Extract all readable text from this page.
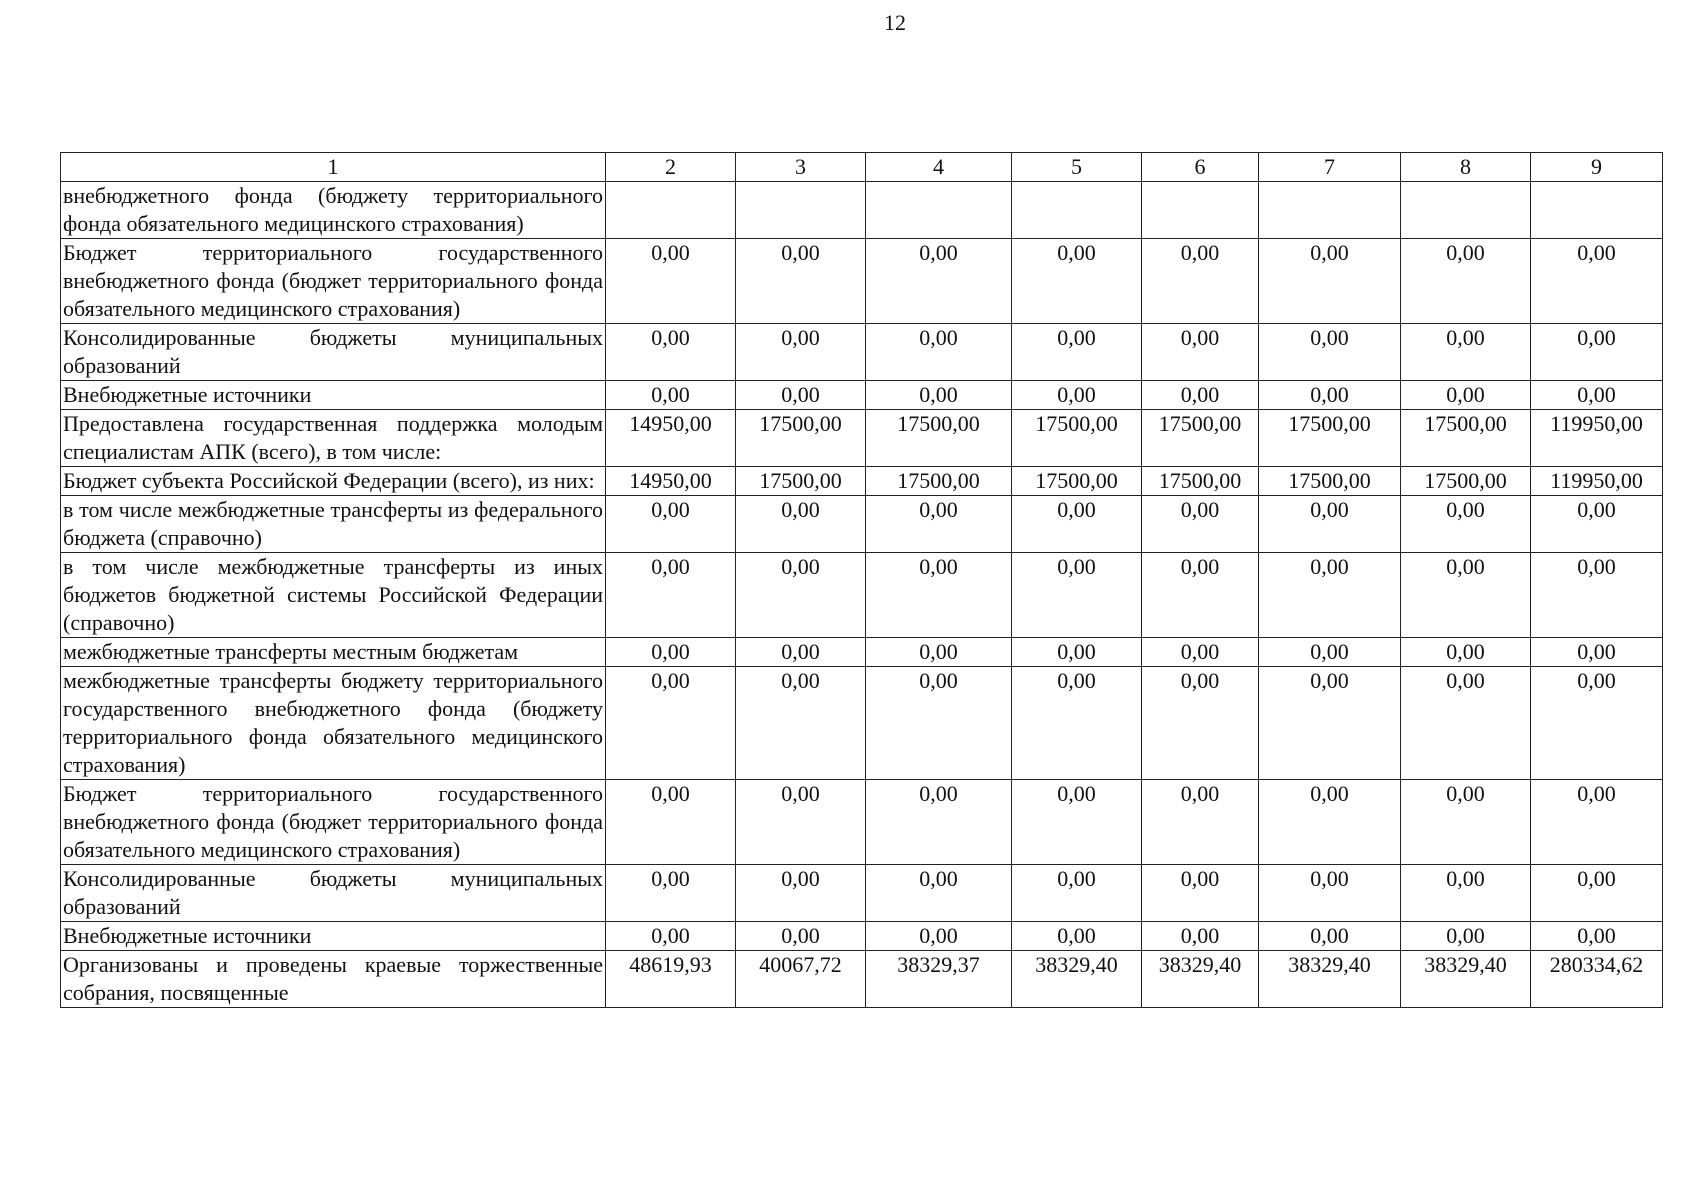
12
1	2	3	4	5	6	7	8	9
внебюджетного фонда (бюджету территориального фонда обязательного медицинского страхования)								
Бюджет территориального государственного внебюджетного фонда (бюджет территориального фонда обязательного медицинского страхования)	0,00	0,00	0,00	0,00	0,00	0,00	0,00	0,00
Консолидированные бюджеты муниципальных образований	0,00	0,00	0,00	0,00	0,00	0,00	0,00	0,00
Внебюджетные источники	0,00	0,00	0,00	0,00	0,00	0,00	0,00	0,00
Предоставлена государственная поддержка молодым специалистам АПК (всего), в том числе:	14950,00	17500,00	17500,00	17500,00	17500,00	17500,00	17500,00	119950,00
Бюджет субъекта Российской Федерации (всего), из них:	14950,00	17500,00	17500,00	17500,00	17500,00	17500,00	17500,00	119950,00
в том числе межбюджетные трансферты из федерального бюджета (справочно)	0,00	0,00	0,00	0,00	0,00	0,00	0,00	0,00
в том числе межбюджетные трансферты из иных бюджетов бюджетной системы Российской Федерации (справочно)	0,00	0,00	0,00	0,00	0,00	0,00	0,00	0,00
межбюджетные трансферты местным бюджетам	0,00	0,00	0,00	0,00	0,00	0,00	0,00	0,00
межбюджетные трансферты бюджету территориального государственного внебюджетного фонда (бюджету территориального фонда обязательного медицинского страхования)	0,00	0,00	0,00	0,00	0,00	0,00	0,00	0,00
Бюджет территориального государственного внебюджетного фонда (бюджет территориального фонда обязательного медицинского страхования)	0,00	0,00	0,00	0,00	0,00	0,00	0,00	0,00
Консолидированные бюджеты муниципальных образований	0,00	0,00	0,00	0,00	0,00	0,00	0,00	0,00
Внебюджетные источники	0,00	0,00	0,00	0,00	0,00	0,00	0,00	0,00
Организованы и проведены краевые торжественные собрания, посвященные	48619,93	40067,72	38329,37	38329,40	38329,40	38329,40	38329,40	280334,62
